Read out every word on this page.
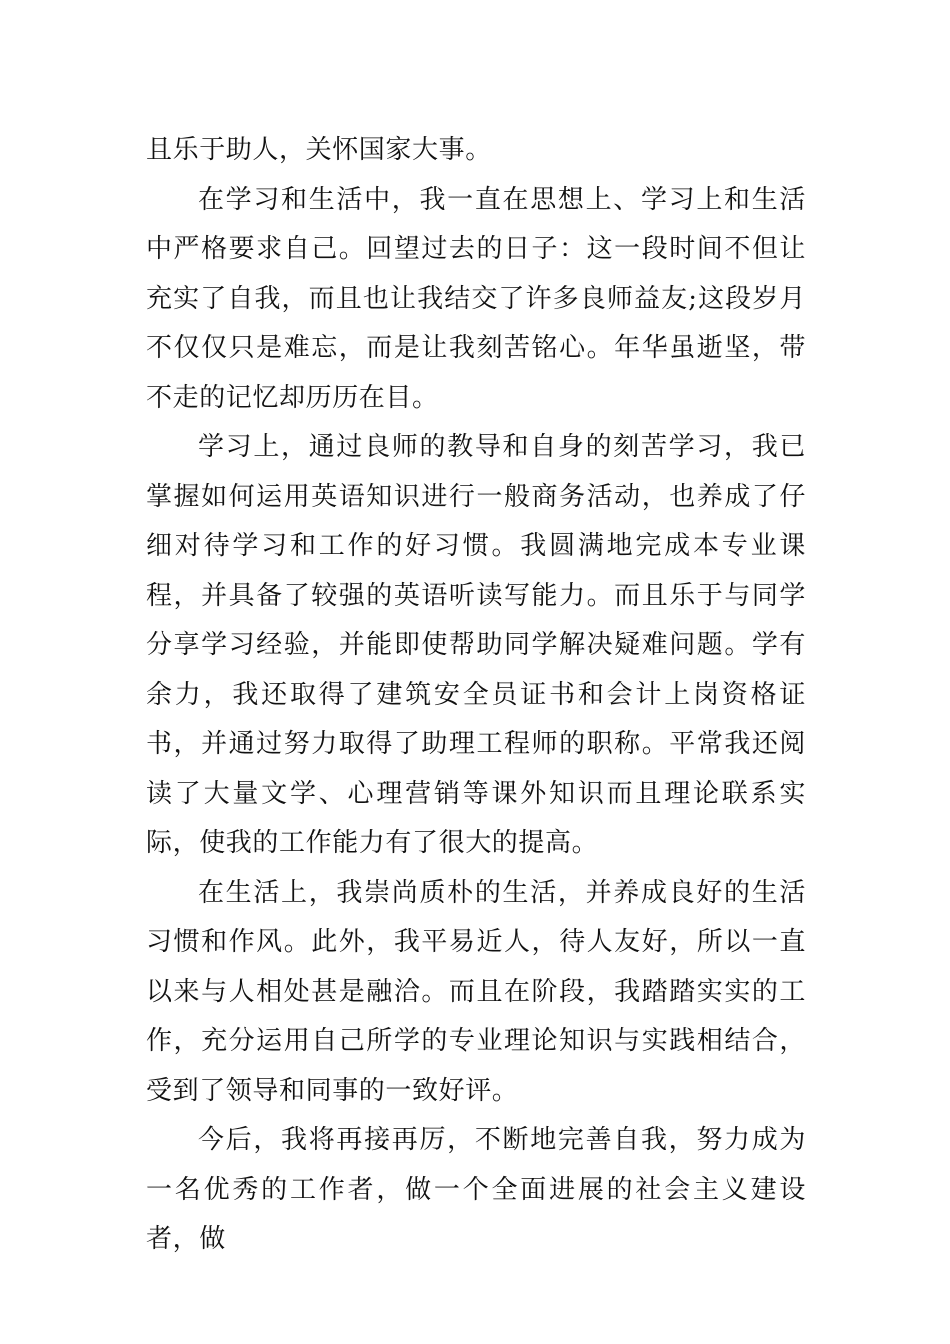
且乐于助人，关怀国家大事。

在学习和生活中，我一直在思想上、学习上和生活中严格要求自己。回望过去的日子：这一段时间不但让充实了自我，而且也让我结交了许多良师益友;这段岁月不仅仅只是难忘，而是让我刻苦铭心。年华虽逝坚，带不走的记忆却历历在目。

学习上，通过良师的教导和自身的刻苦学习，我已掌握如何运用英语知识进行一般商务活动，也养成了仔细对待学习和工作的好习惯。我圆满地完成本专业课程，并具备了较强的英语听读写能力。而且乐于与同学分享学习经验，并能即使帮助同学解决疑难问题。学有余力，我还取得了建筑安全员证书和会计上岗资格证书，并通过努力取得了助理工程师的职称。平常我还阅读了大量文学、心理营销等课外知识而且理论联系实际，使我的工作能力有了很大的提高。

在生活上，我崇尚质朴的生活，并养成良好的生活习惯和作风。此外，我平易近人，待人友好，所以一直以来与人相处甚是融洽。而且在阶段，我踏踏实实的工作，充分运用自己所学的专业理论知识与实践相结合，受到了领导和同事的一致好评。

今后，我将再接再厉，不断地完善自我，努力成为一名优秀的工作者，做一个全面进展的社会主义建设者，做
